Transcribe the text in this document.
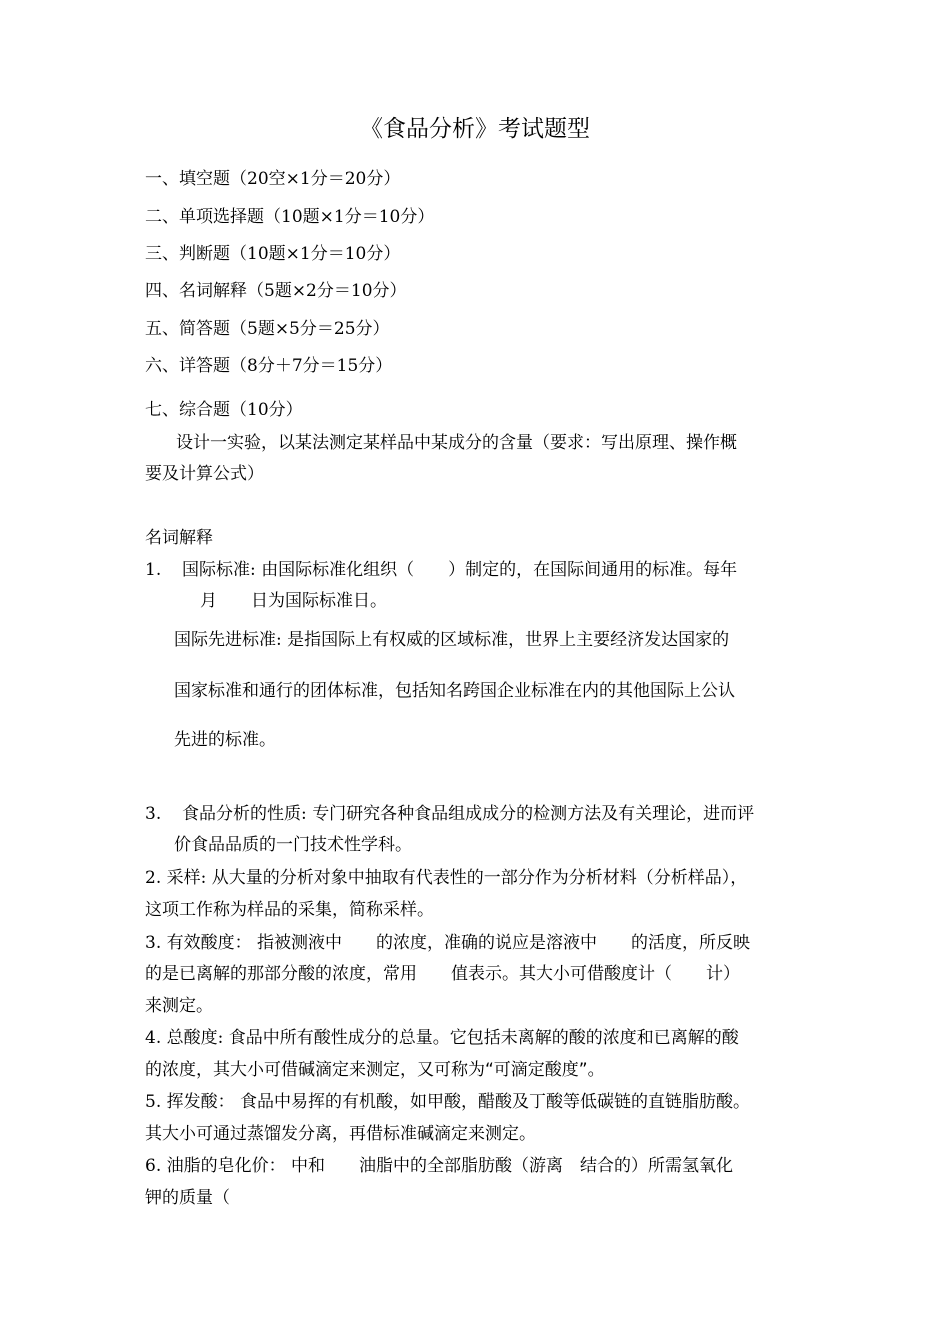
《食品分析》考试题型
一、填空题（20空×1分＝20分）
二、单项选择题（10题×1分＝10分）
三、判断题（10题×1分＝10分）
四、名词解释（5题×2分＝10分）
五、简答题（5题×5分＝25分）
六、详答题（8分＋7分＝15分）
七、综合题（10分）
设计一实验，以某法测定某样品中某成分的含量（要求：写出原理、操作概
要及计算公式）
名词解释
1. 国际标准: 由国际标准化组织（　　）制定的，在国际间通用的标准。每年
月　　日为国际标准日。
国际先进标准: 是指国际上有权威的区域标准，世界上主要经济发达国家的
国家标准和通行的团体标准，包括知名跨国企业标准在内的其他国际上公认
先进的标准。
3. 食品分析的性质: 专门研究各种食品组成成分的检测方法及有关理论，进而评
价食品品质的一门技术性学科。
2. 采样: 从大量的分析对象中抽取有代表性的一部分作为分析材料（分析样品），
这项工作称为样品的采集，简称采样。
3. 有效酸度： 指被测液中　　的浓度，准确的说应是溶液中　　的活度，所反映
的是已离解的那部分酸的浓度，常用　　值表示。其大小可借酸度计（　　计）
来测定。
4. 总酸度: 食品中所有酸性成分的总量。它包括未离解的酸的浓度和已离解的酸
的浓度，其大小可借碱滴定来测定，又可称为“可滴定酸度”。
5. 挥发酸： 食品中易挥的有机酸，如甲酸，醋酸及丁酸等低碳链的直链脂肪酸。
其大小可通过蒸馏发分离，再借标准碱滴定来测定。
6. 油脂的皂化价： 中和　　油脂中的全部脂肪酸（游离　结合的）所需氢氧化
钾的质量（
